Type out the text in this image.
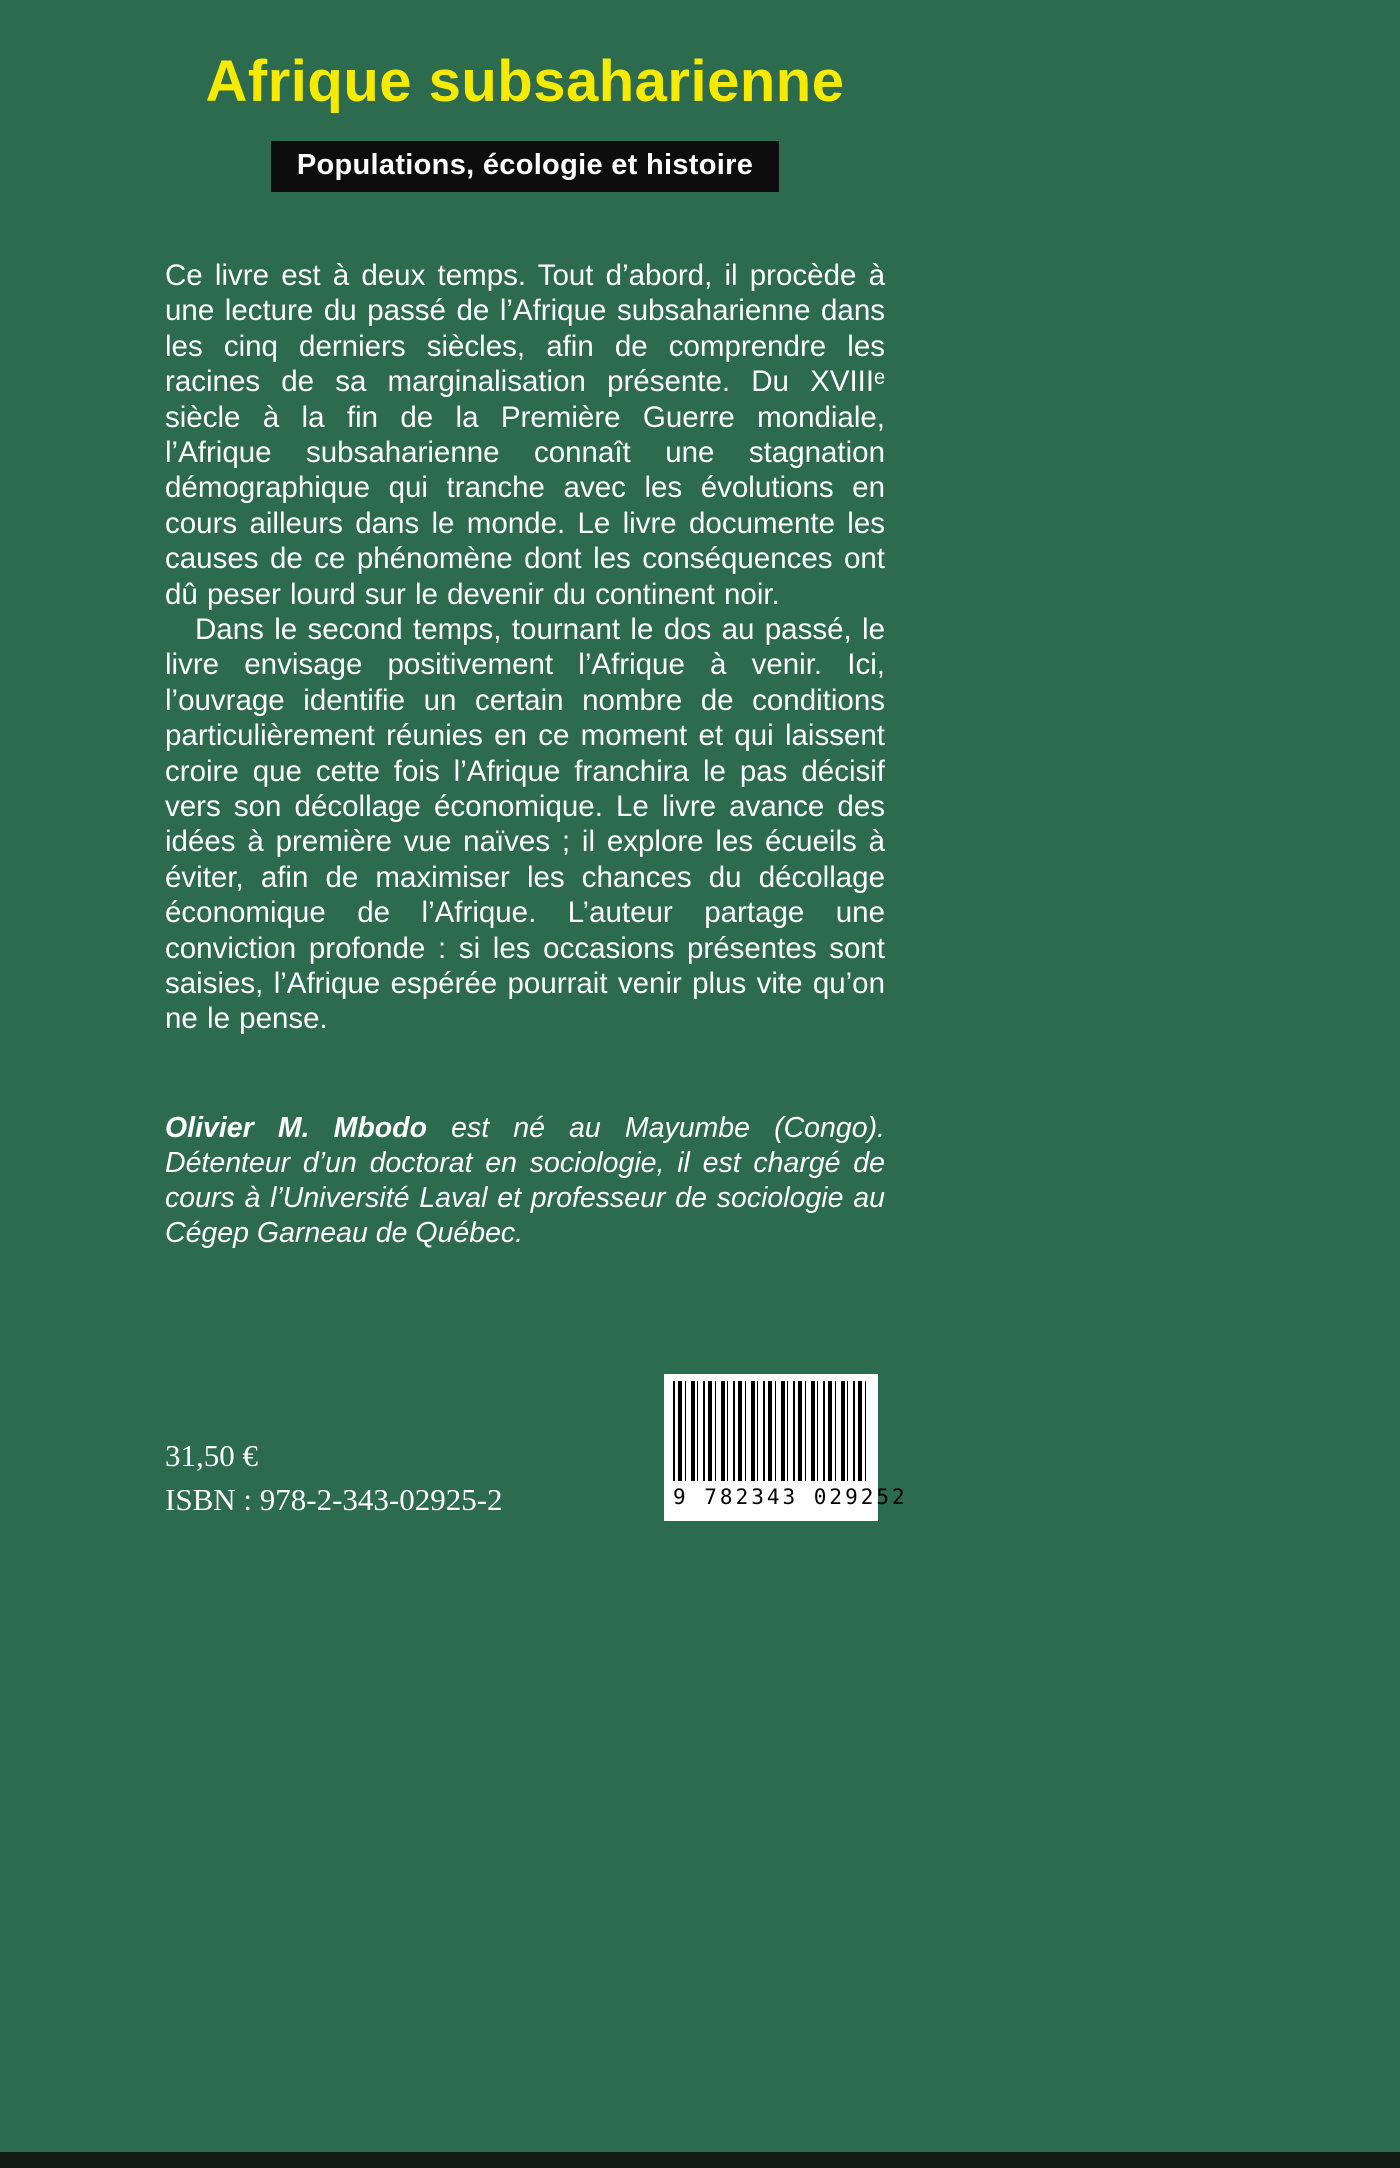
Afrique subsaharienne
Populations, écologie et histoire

Ce livre est à deux temps. Tout d’abord, il procède à une lecture du passé de l’Afrique subsaharienne dans les cinq derniers siècles, afin de comprendre les racines de sa marginalisation présente. Du XVIIIᵉ siècle à la fin de la Première Guerre mondiale, l’Afrique subsaharienne connaît une stagnation démographique qui tranche avec les évolutions en cours ailleurs dans le monde. Le livre documente les causes de ce phénomène dont les conséquences ont dû peser lourd sur le devenir du continent noir.

Dans le second temps, tournant le dos au passé, le livre envisage positivement l’Afrique à venir. Ici, l’ouvrage identifie un certain nombre de conditions particulièrement réunies en ce moment et qui laissent croire que cette fois l’Afrique franchira le pas décisif vers son décollage économique. Le livre avance des idées à première vue naïves ; il explore les écueils à éviter, afin de maximiser les chances du décollage économique de l’Afrique. L’auteur partage une conviction profonde : si les occasions présentes sont saisies, l’Afrique espérée pourrait venir plus vite qu’on ne le pense.

Olivier M. Mbodo est né au Mayumbe (Congo). Détenteur d’un doctorat en sociologie, il est chargé de cours à l’Université Laval et professeur de sociologie au Cégep Garneau de Québec.

9 782343 029252
31,50 €
ISBN : 978-2-343-02925-2
